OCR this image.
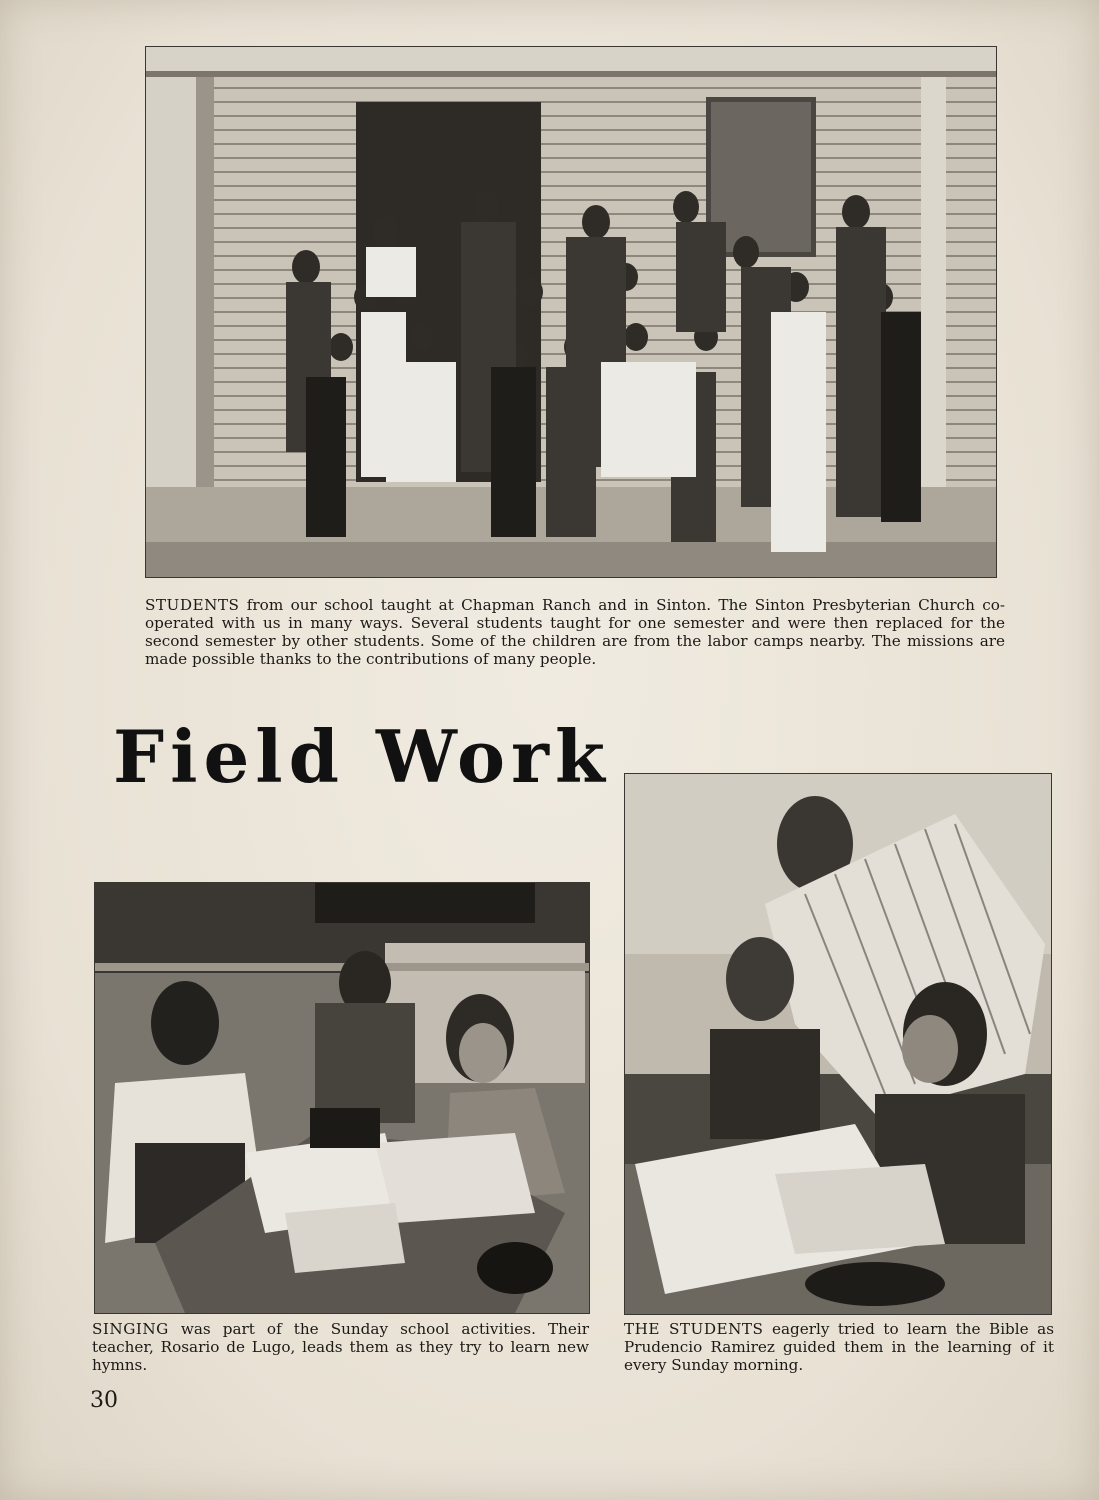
STUDENTS from our school taught at Chapman Ranch and in Sinton. The Sinton Presbyterian Church co-operated with us in many ways. Several students taught for one semester and were then replaced for the second semester by other students. Some of the children are from the labor camps nearby. The missions are made possible thanks to the contributions of many people.

Field Work

SINGING was part of the Sunday school activities. Their teacher, Rosario de Lugo, leads them as they try to learn new hymns.

THE STUDENTS eagerly tried to learn the Bible as Prudencio Ramirez guided them in the learning of it every Sunday morning.

30
